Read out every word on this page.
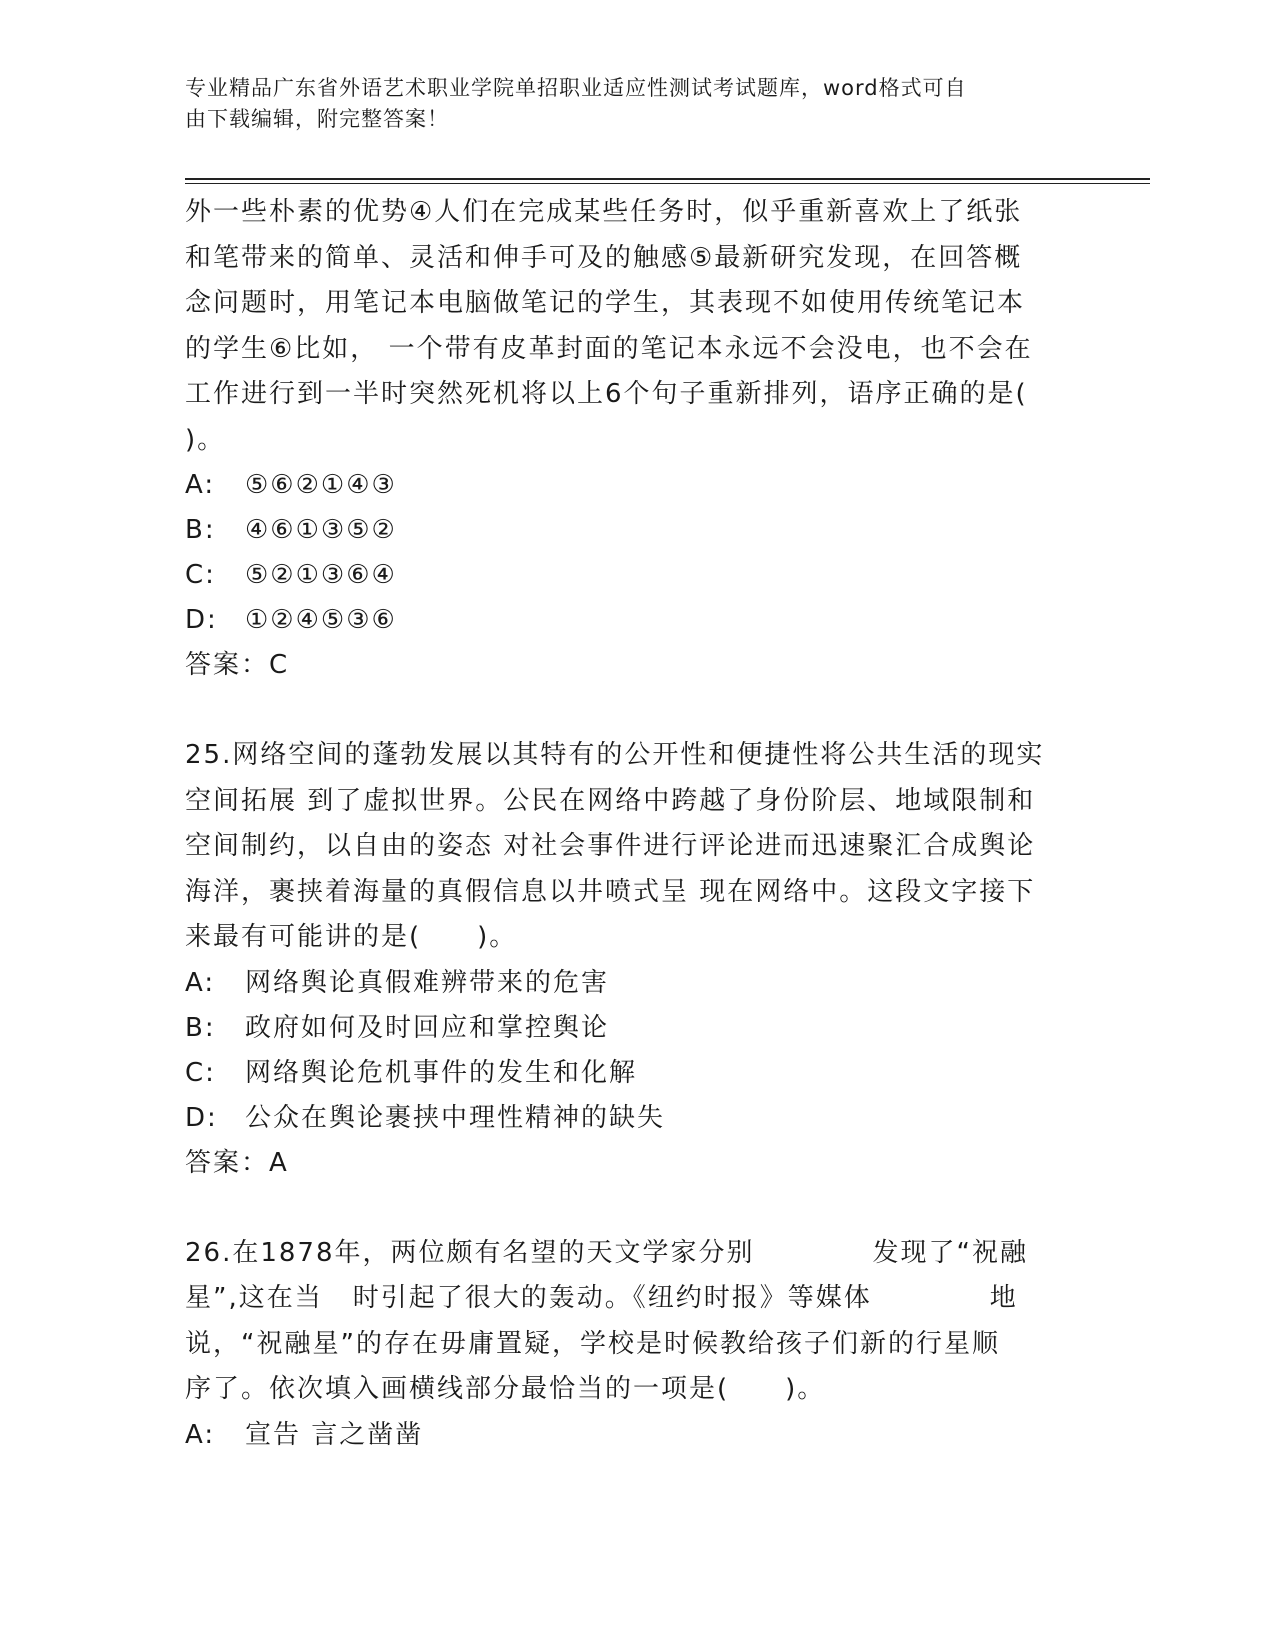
专业精品广东省外语艺术职业学院单招职业适应性测试考试题库，word格式可自
由下载编辑，附完整答案！
外一些朴素的优势④人们在完成某些任务时，似乎重新喜欢上了纸张
和笔带来的简单、灵活和伸手可及的触感⑤最新研究发现，在回答概
念问题时，用笔记本电脑做笔记的学生，其表现不如使用传统笔记本
的学生⑥比如， 一个带有皮革封面的笔记本永远不会没电，也不会在
工作进行到一半时突然死机将以上6个句子重新排列，语序正确的是(
)。
A: ⑤⑥②①④③
B: ④⑥①③⑤②
C: ⑤②①③⑥④
D: ①②④⑤③⑥
答案：C
25.网络空间的蓬勃发展以其特有的公开性和便捷性将公共生活的现实
空间拓展 到了虚拟世界。公民在网络中跨越了身份阶层、地域限制和
空间制约，以自由的姿态 对社会事件进行评论进而迅速聚汇合成舆论
海洋，裹挟着海量的真假信息以井喷式呈 现在网络中。这段文字接下
来最有可能讲的是(　　)。
A: 网络舆论真假难辨带来的危害
B: 政府如何及时回应和掌控舆论
C: 网络舆论危机事件的发生和化解
D: 公众在舆论裹挟中理性精神的缺失
答案：A
26.在1878年，两位颇有名望的天文学家分别	发现了“祝融
星”,这在当 时引起了很大的轰动。《纽约时报》等媒体	地
说，“祝融星”的存在毋庸置疑，学校是时候教给孩子们新的行星顺
序了。依次填入画横线部分最恰当的一项是(　　)。
A: 宣告 言之凿凿
